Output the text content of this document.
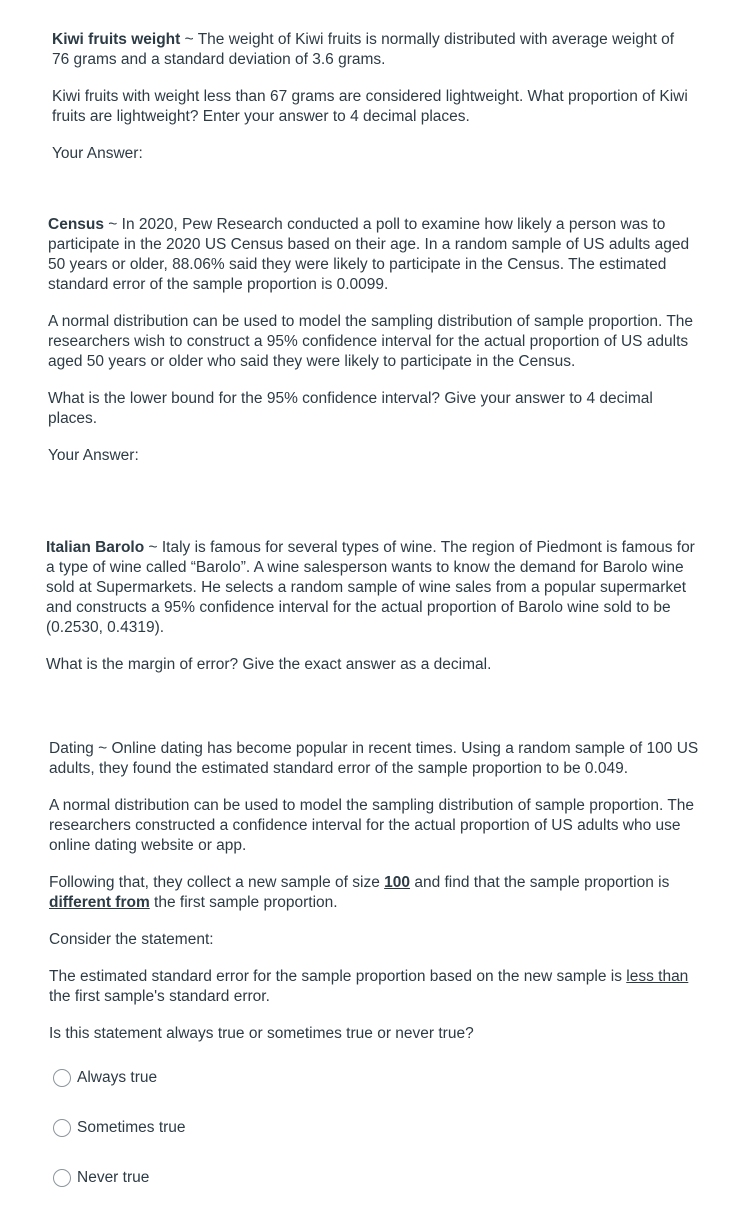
Kiwi fruits weight ~ The weight of Kiwi fruits is normally distributed with average weight of 76 grams and a standard deviation of 3.6 grams.

Kiwi fruits with weight less than 67 grams are considered lightweight. What proportion of Kiwi fruits are lightweight? Enter your answer to 4 decimal places.

Your Answer:

Census ~ In 2020, Pew Research conducted a poll to examine how likely a person was to participate in the 2020 US Census based on their age. In a random sample of US adults aged 50 years or older, 88.06% said they were likely to participate in the Census. The estimated standard error of the sample proportion is 0.0099.

A normal distribution can be used to model the sampling distribution of sample proportion. The researchers wish to construct a 95% confidence interval for the actual proportion of US adults aged 50 years or older who said they were likely to participate in the Census.

What is the lower bound for the 95% confidence interval? Give your answer to 4 decimal places.

Your Answer:

Italian Barolo ~ Italy is famous for several types of wine. The region of Piedmont is famous for a type of wine called “Barolo”. A wine salesperson wants to know the demand for Barolo wine sold at Supermarkets. He selects a random sample of wine sales from a popular supermarket and constructs a 95% confidence interval for the actual proportion of Barolo wine sold to be (0.2530, 0.4319).

What is the margin of error? Give the exact answer as a decimal.

Dating ~ Online dating has become popular in recent times. Using a random sample of 100 US adults, they found the estimated standard error of the sample proportion to be 0.049.

A normal distribution can be used to model the sampling distribution of sample proportion. The researchers constructed a confidence interval for the actual proportion of US adults who use online dating website or app.

Following that, they collect a new sample of size 100 and find that the sample proportion is different from the first sample proportion.

Consider the statement:

The estimated standard error for the sample proportion based on the new sample is less than the first sample's standard error.

Is this statement always true or sometimes true or never true?

Always true
Sometimes true
Never true
